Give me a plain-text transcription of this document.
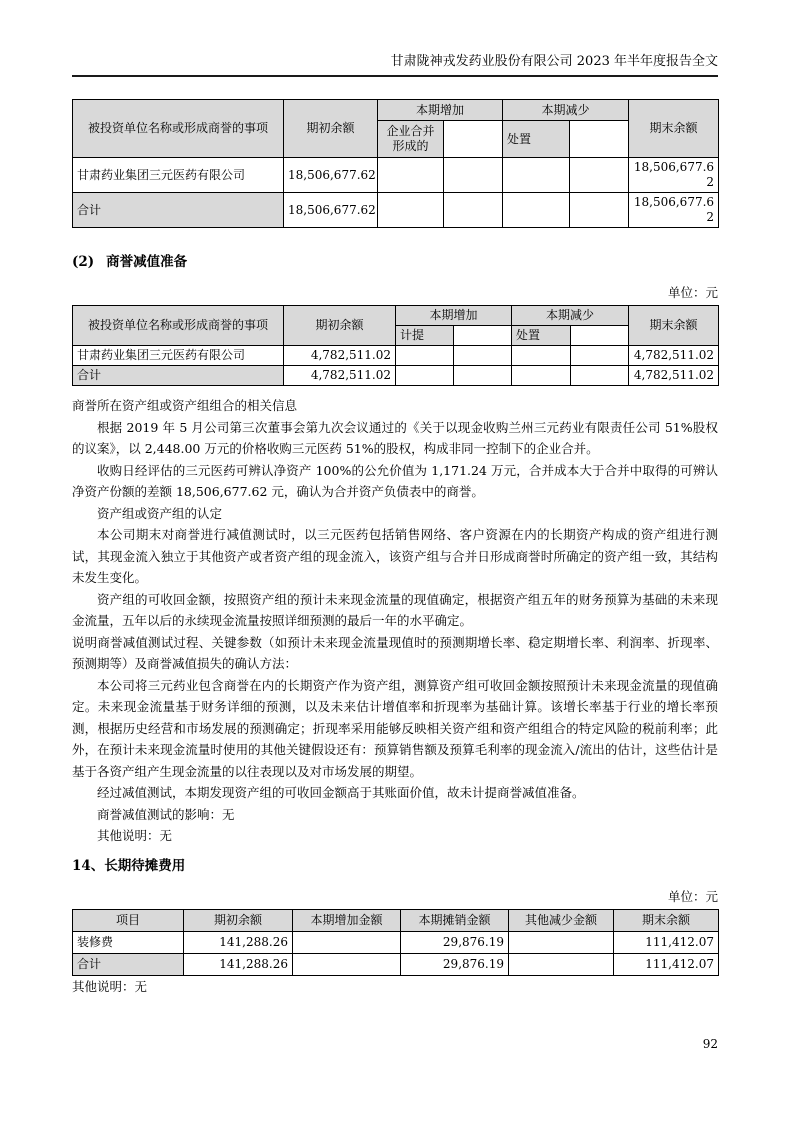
甘肃陇神戎发药业股份有限公司 2023 年半年度报告全文
被投资单位名称或形成商誉的事项	期初余额	本期增加		本期减少		期末余额
		企业合并形成的		处置		
甘肃药业集团三元医药有限公司	18,506,677.62					18,506,677.62
合计	18,506,677.62					18,506,677.62
(2) 商誉减值准备
单位：元
被投资单位名称或形成商誉的事项	期初余额	本期增加		本期减少		期末余额
		计提		处置		
甘肃药业集团三元医药有限公司	4,782,511.02					4,782,511.02
合计	4,782,511.02					4,782,511.02

商誉所在资产组或资产组组合的相关信息

根据 2019 年 5 月公司第三次董事会第九次会议通过的《关于以现金收购兰州三元药业有限责任公司 51%股权的议案》，以 2,448.00 万元的价格收购三元医药 51%的股权，构成非同一控制下的企业合并。

收购日经评估的三元医药可辨认净资产 100%的公允价值为 1,171.24 万元，合并成本大于合并中取得的可辨认净资产份额的差额 18,506,677.62 元，确认为合并资产负债表中的商誉。

资产组或资产组的认定

本公司期末对商誉进行减值测试时，以三元医药包括销售网络、客户资源在内的长期资产构成的资产组进行测试，其现金流入独立于其他资产或者资产组的现金流入，该资产组与合并日形成商誉时所确定的资产组一致，其结构未发生变化。

资产组的可收回金额，按照资产组的预计未来现金流量的现值确定，根据资产组五年的财务预算为基础的未来现金流量，五年以后的永续现金流量按照详细预测的最后一年的水平确定。

说明商誉减值测试过程、关键参数（如预计未来现金流量现值时的预测期增长率、稳定期增长率、利润率、折现率、预测期等）及商誉减值损失的确认方法：

本公司将三元药业包含商誉在内的长期资产作为资产组，测算资产组可收回金额按照预计未来现金流量的现值确定。未来现金流量基于财务详细的预测，以及未来估计增值率和折现率为基础计算。该增长率基于行业的增长率预测，根据历史经营和市场发展的预测确定；折现率采用能够反映相关资产组和资产组组合的特定风险的税前利率；此外，在预计未来现金流量时使用的其他关键假设还有：预算销售额及预算毛利率的现金流入/流出的估计，这些估计是基于各资产组产生现金流量的以往表现以及对市场发展的期望。

经过减值测试，本期发现资产组的可收回金额高于其账面价值，故未计提商誉减值准备。

商誉减值测试的影响：无

其他说明：无

14、长期待摊费用
单位：元
项目	期初余额	本期增加金额	本期摊销金额	其他减少金额	期末余额
装修费	141,288.26		29,876.19		111,412.07
合计	141,288.26		29,876.19		111,412.07

其他说明：无

92
